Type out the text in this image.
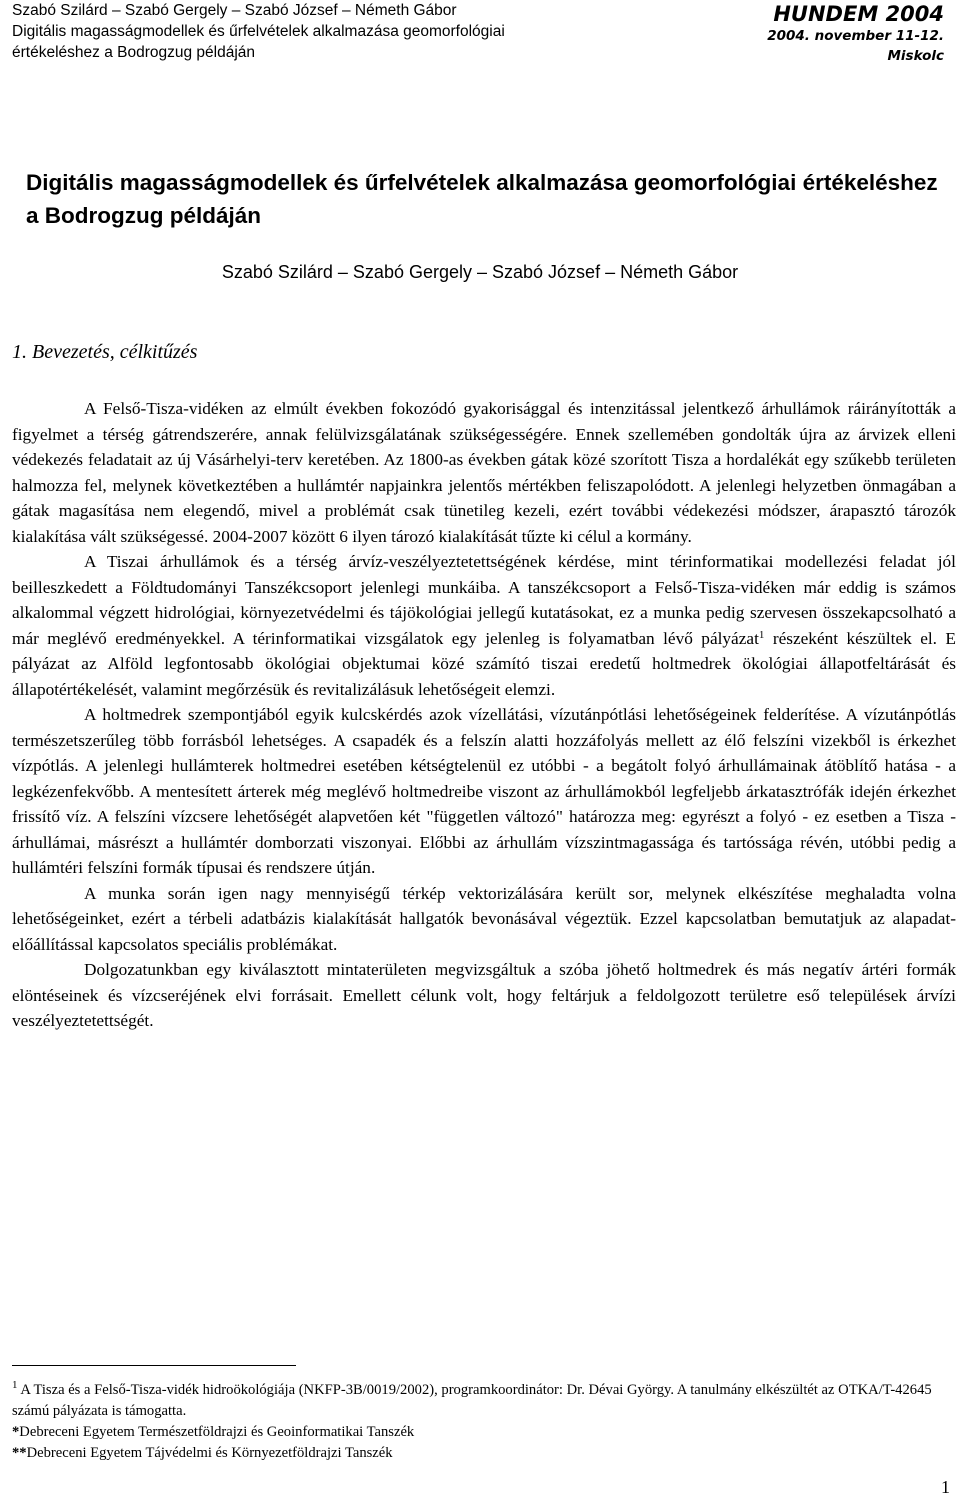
Szabó Szilárd – Szabó Gergely – Szabó József – Németh Gábor
Digitális magasságmodellek és űrfelvételek alkalmazása geomorfológiai
értékeléshez a Bodrogzug példáján
HUNDEM 2004
2004. november 11-12.
Miskolc
Digitális magasságmodellek és űrfelvételek alkalmazása geomorfológiai értékeléshez a Bodrogzug példáján
Szabó Szilárd – Szabó Gergely – Szabó József – Németh Gábor
1. Bevezetés, célkitűzés

A Felső-Tisza-vidéken az elmúlt években fokozódó gyakorisággal és intenzitással jelentkező árhullámok ráirányították a figyelmet a térség gátrendszerére, annak felülvizsgálatának szükségességére. Ennek szellemében gondolták újra az árvizek elleni védekezés feladatait az új Vásárhelyi-terv keretében. Az 1800-as években gátak közé szorított Tisza a hordalékát egy szűkebb területen halmozza fel, melynek következtében a hullámtér napjainkra jelentős mértékben feliszapolódott. A jelenlegi helyzetben önmagában a gátak magasítása nem elegendő, mivel a problémát csak tünetileg kezeli, ezért további védekezési módszer, árapasztó tározók kialakítása vált szükségessé. 2004-2007 között 6 ilyen tározó kialakítását tűzte ki célul a kormány.

A Tiszai árhullámok és a térség árvíz-veszélyeztetettségének kérdése, mint térinformatikai modellezési feladat jól beilleszkedett a Földtudományi Tanszékcsoport jelenlegi munkáiba. A tanszékcsoport a Felső-Tisza-vidéken már eddig is számos alkalommal végzett hidrológiai, környezetvédelmi és tájökológiai jellegű kutatásokat, ez a munka pedig szervesen összekapcsolható a már meglévő eredményekkel. A térinformatikai vizsgálatok egy jelenleg is folyamatban lévő pályázat$^1$ részeként készültek el. E pályázat az Alföld legfontosabb ökológiai objektumai közé számító tiszai eredetű holtmedrek ökológiai állapotfeltárását és állapotértékelését, valamint megőrzésük és revitalizálásuk lehetőségeit elemzi.

A holtmedrek szempontjából egyik kulcskérdés azok vízellátási, vízutánpótlási lehetőségeinek felderítése. A vízutánpótlás természetszerűleg több forrásból lehetséges. A csapadék és a felszín alatti hozzáfolyás mellett az élő felszíni vizekből is érkezhet vízpótlás. A jelenlegi hullámterek holtmedrei esetében kétségtelenül ez utóbbi - a begátolt folyó árhullámainak átöblítő hatása - a legkézenfekvőbb. A mentesített árterek még meglévő holtmedreibe viszont az árhullámokból legfeljebb árkatasztrófák idején érkezhet frissítő víz. A felszíni vízcsere lehetőségét alapvetően két "független változó" határozza meg: egyrészt a folyó - ez esetben a Tisza - árhullámai, másrészt a hullámtér domborzati viszonyai. Előbbi az árhullám vízszintmagassága és tartóssága révén, utóbbi pedig a hullámtéri felszíni formák típusai és rendszere útján.

A munka során igen nagy mennyiségű térkép vektorizálására került sor, melynek elkészítése meghaladta volna lehetőségeinket, ezért a térbeli adatbázis kialakítását hallgatók bevonásával végeztük. Ezzel kapcsolatban bemutatjuk az alapadat-előállítással kapcsolatos speciális problémákat.

Dolgozatunkban egy kiválasztott mintaterületen megvizsgáltuk a szóba jöhető holtmedrek és más negatív ártéri formák elöntéseinek és vízcseréjének elvi forrásait. Emellett célunk volt, hogy feltárjuk a feldolgozott területre eső települések árvízi veszélyeztetettségét.

$^1$ A Tisza és a Felső-Tisza-vidék hidroökológiája (NKFP-3B/0019/2002), programkoordinátor: Dr. Dévai György. A tanulmány elkészültét az OTKA/T-42645 számú pályázata is támogatta.
*Debreceni Egyetem Természetföldrajzi és Geoinformatikai Tanszék
**Debreceni Egyetem Tájvédelmi és Környezetföldrajzi Tanszék
1
